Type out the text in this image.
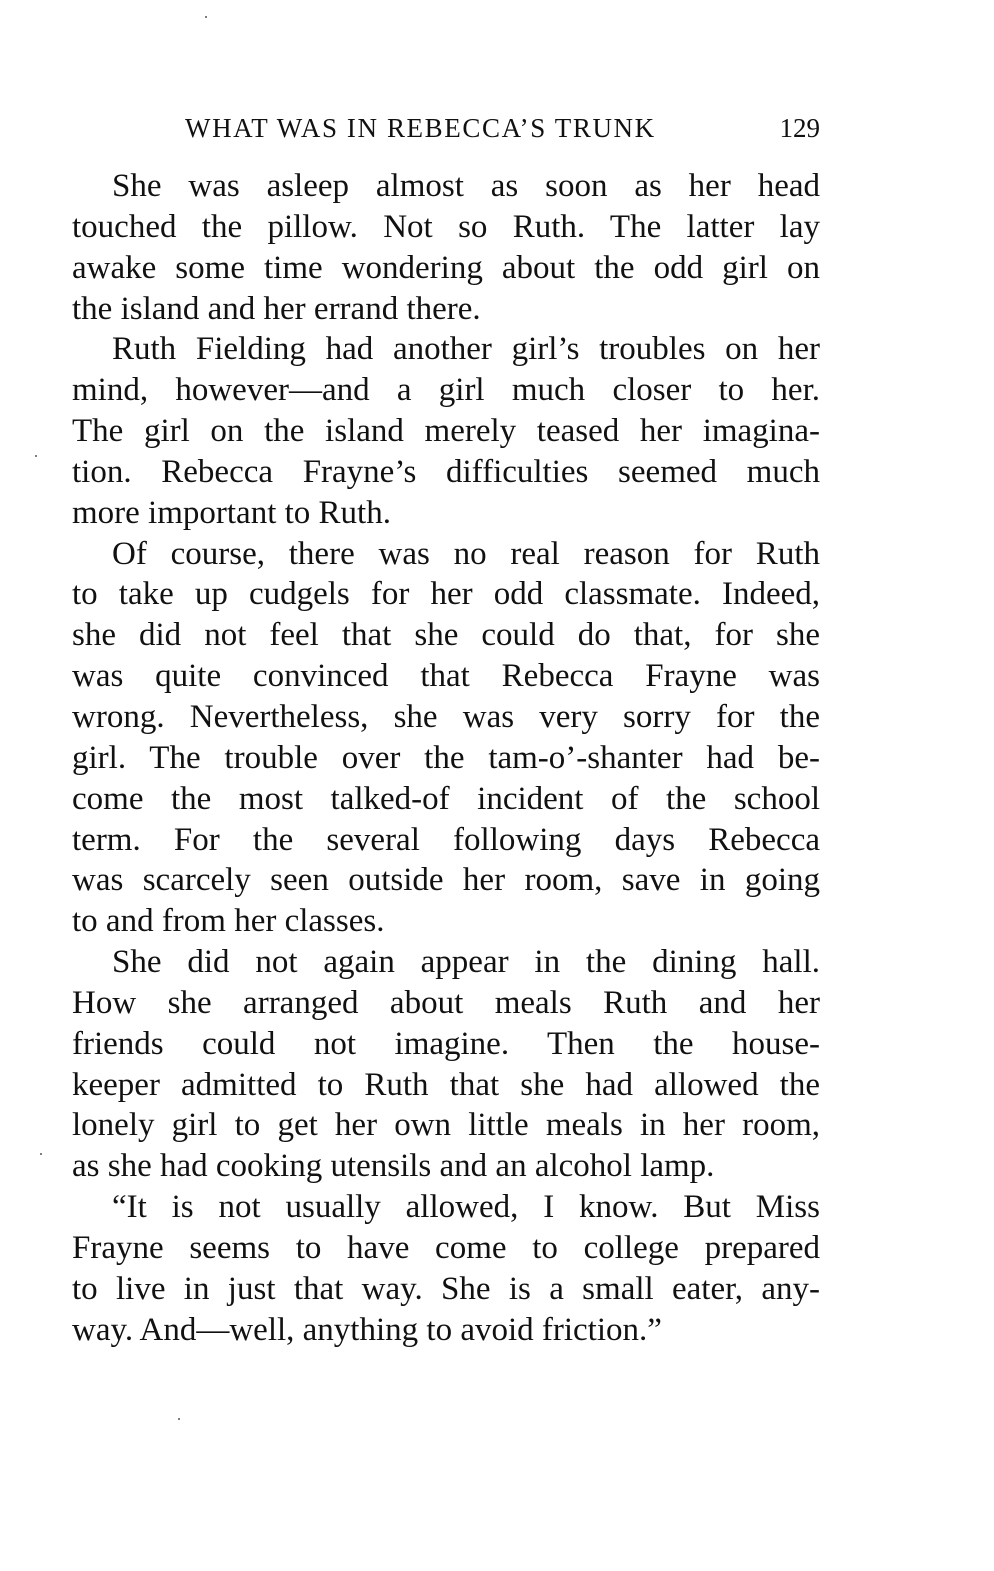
WHAT WAS IN REBECCA’S TRUNK	129

She was asleep almost as soon as her head
touched the pillow. Not so Ruth. The latter lay
awake some time wondering about the odd girl on
the island and her errand there.

Ruth Fielding had another girl’s troubles on her
mind, however—and a girl much closer to her.
The girl on the island merely teased her imagina-
tion. Rebecca Frayne’s difficulties seemed much
more important to Ruth.

Of course, there was no real reason for Ruth
to take up cudgels for her odd classmate. Indeed,
she did not feel that she could do that, for she
was quite convinced that Rebecca Frayne was
wrong. Nevertheless, she was very sorry for the
girl. The trouble over the tam-o’-shanter had be-
come the most talked-of incident of the school
term. For the several following days Rebecca
was scarcely seen outside her room, save in going
to and from her classes.

She did not again appear in the dining hall.
How she arranged about meals Ruth and her
friends could not imagine. Then the house-
keeper admitted to Ruth that she had allowed the
lonely girl to get her own little meals in her room,
as she had cooking utensils and an alcohol lamp.

“It is not usually allowed, I know. But Miss
Frayne seems to have come to college prepared
to live in just that way. She is a small eater, any-
way. And—well, anything to avoid friction.”
